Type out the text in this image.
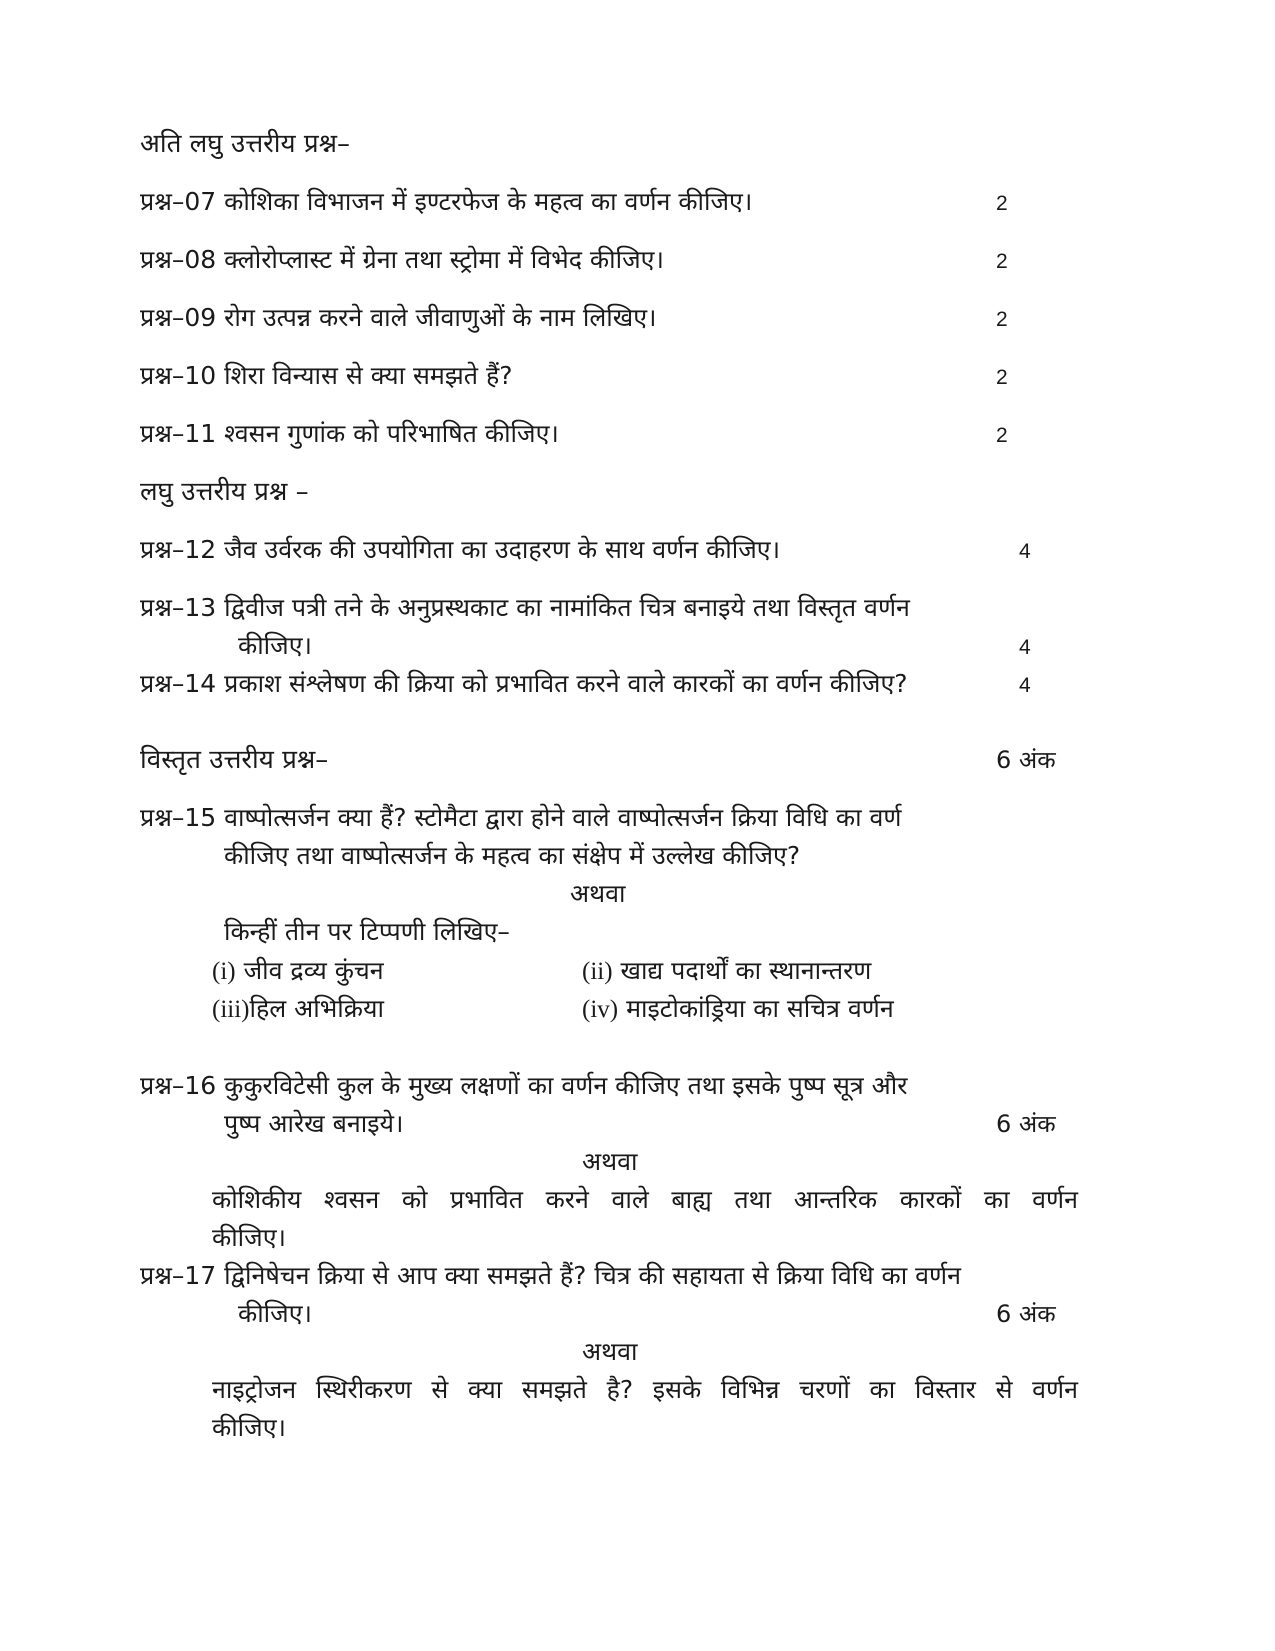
अति लघु उत्तरीय प्रश्न–
प्रश्न–07 कोशिका विभाजन में इण्टरफेज के महत्व का वर्णन कीजिए।	2
प्रश्न–08 क्लोरोप्लास्ट में ग्रेना तथा स्ट्रोमा में विभेद कीजिए।	2
प्रश्न–09 रोग उत्पन्न करने वाले जीवाणुओं के नाम लिखिए।	2
प्रश्न–10 शिरा विन्यास से क्या समझते हैं?	2
प्रश्न–11 श्वसन गुणांक को परिभाषित कीजिए।	2
लघु उत्तरीय प्रश्न –
प्रश्न–12 जैव उर्वरक की उपयोगिता का उदाहरण के साथ वर्णन कीजिए।	4
प्रश्न–13 द्विवीज पत्री तने के अनुप्रस्थकाट का नामांकित चित्र बनाइये तथा विस्तृत वर्णन
कीजिए।	4
प्रश्न–14 प्रकाश संश्लेषण की क्रिया को प्रभावित करने वाले कारकों का वर्णन कीजिए?	4
विस्तृत उत्तरीय प्रश्न–	6 अंक
प्रश्न–15 वाष्पोत्सर्जन क्या हैं? स्टोमैटा द्वारा होने वाले वाष्पोत्सर्जन क्रिया विधि का वर्ण
कीजिए तथा वाष्पोत्सर्जन के महत्व का संक्षेप में उल्लेख कीजिए?
अथवा
किन्हीं तीन पर टिप्पणी लिखिए–
(i) जीव द्रव्य कुंचन	(ii) खाद्य पदार्थों का स्थानान्तरण
(iii)हिल अभिक्रिया	(iv) माइटोकांड्रिया का सचित्र वर्णन
प्रश्न–16 कुकुरविटेसी कुल के मुख्य लक्षणों का वर्णन कीजिए तथा इसके पुष्प सूत्र और
पुष्प आरेख बनाइये।	6 अंक
अथवा
कोशिकीय श्वसन को प्रभावित करने वाले बाह्य तथा आन्तरिक कारकों का वर्णन
कीजिए।
प्रश्न–17 द्विनिषेचन क्रिया से आप क्या समझते हैं? चित्र की सहायता से क्रिया विधि का वर्णन
कीजिए।	6 अंक
अथवा
नाइट्रोजन स्थिरीकरण से क्या समझते है? इसके विभिन्न चरणों का विस्तार से वर्णन
कीजिए।
